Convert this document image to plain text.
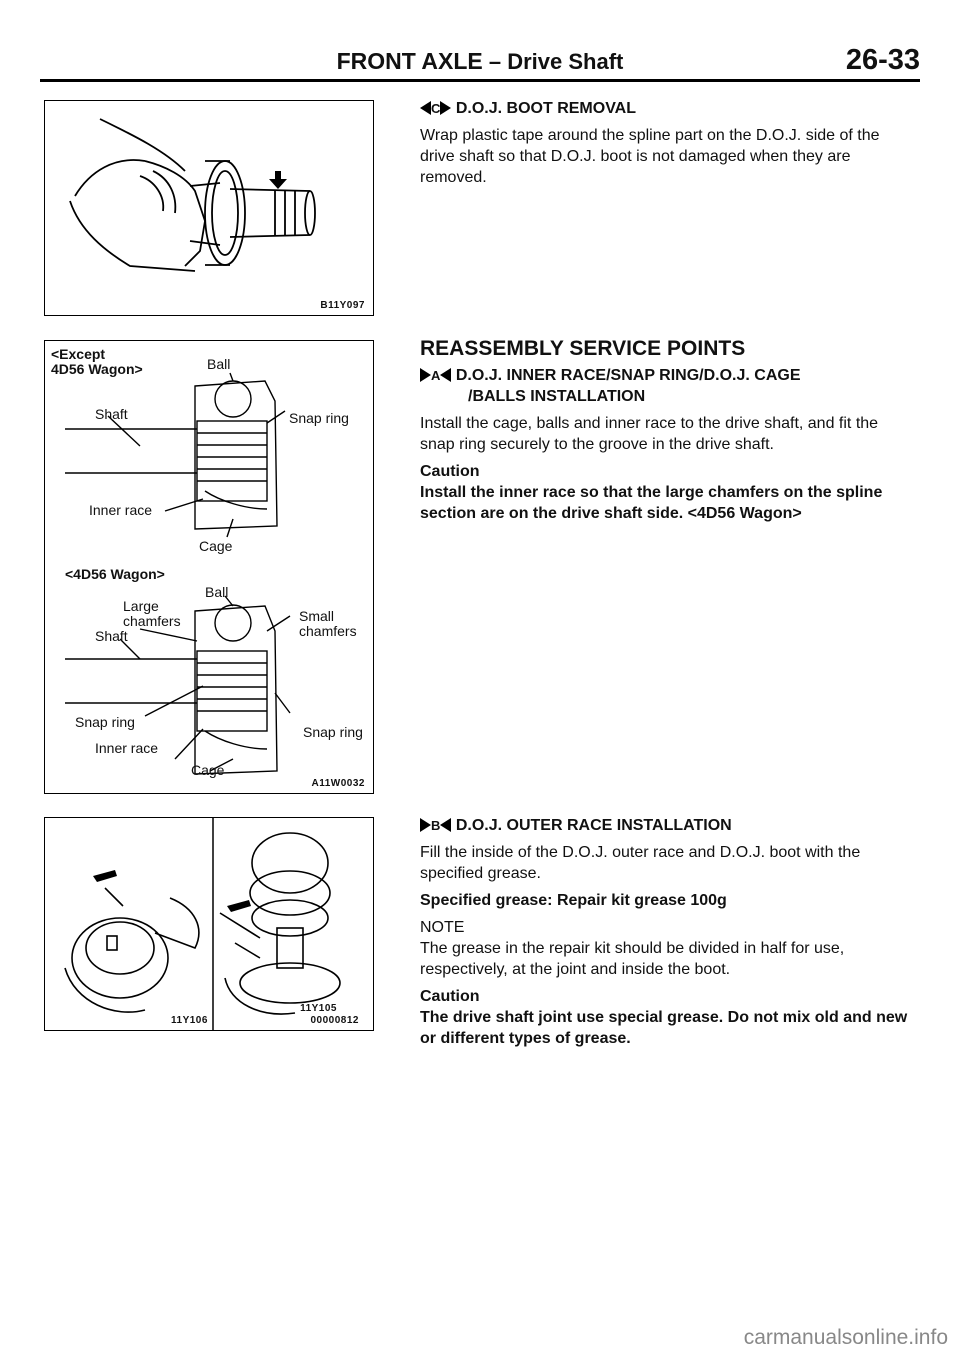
FRONT AXLE – Drive Shaft	26-33
B11Y097
<Except
4D56 Wagon>	Ball
Shaft	Snap ring
Inner race
Cage
<4D56 Wagon>
Ball
Large
chamfers
Shaft
Small
chamfers
Snap ring
Inner race
Snap ring
Cage
A11W0032
11Y106
11Y105
00000812

C D.O.J. BOOT REMOVAL

Wrap plastic tape around the spline part on the D.O.J. side of the drive shaft so that D.O.J. boot is not damaged when they are removed.

REASSEMBLY SERVICE POINTS

A D.O.J. INNER RACE/SNAP RING/D.O.J. CAGE

/BALLS INSTALLATION

Install the cage, balls and inner race to the drive shaft, and fit the snap ring securely to the groove in the drive shaft.

Caution

Install the inner race so that the large chamfers on the spline section are on the drive shaft side. <4D56 Wagon>

B D.O.J. OUTER RACE INSTALLATION

Fill the inside of the D.O.J. outer race and D.O.J. boot with the specified grease.

Specified grease: Repair kit grease 100g

NOTE

The grease in the repair kit should be divided in half for use, respectively, at the joint and inside the boot.

Caution

The drive shaft joint use special grease. Do not mix old and new or different types of grease.

carmanualsonline.info
